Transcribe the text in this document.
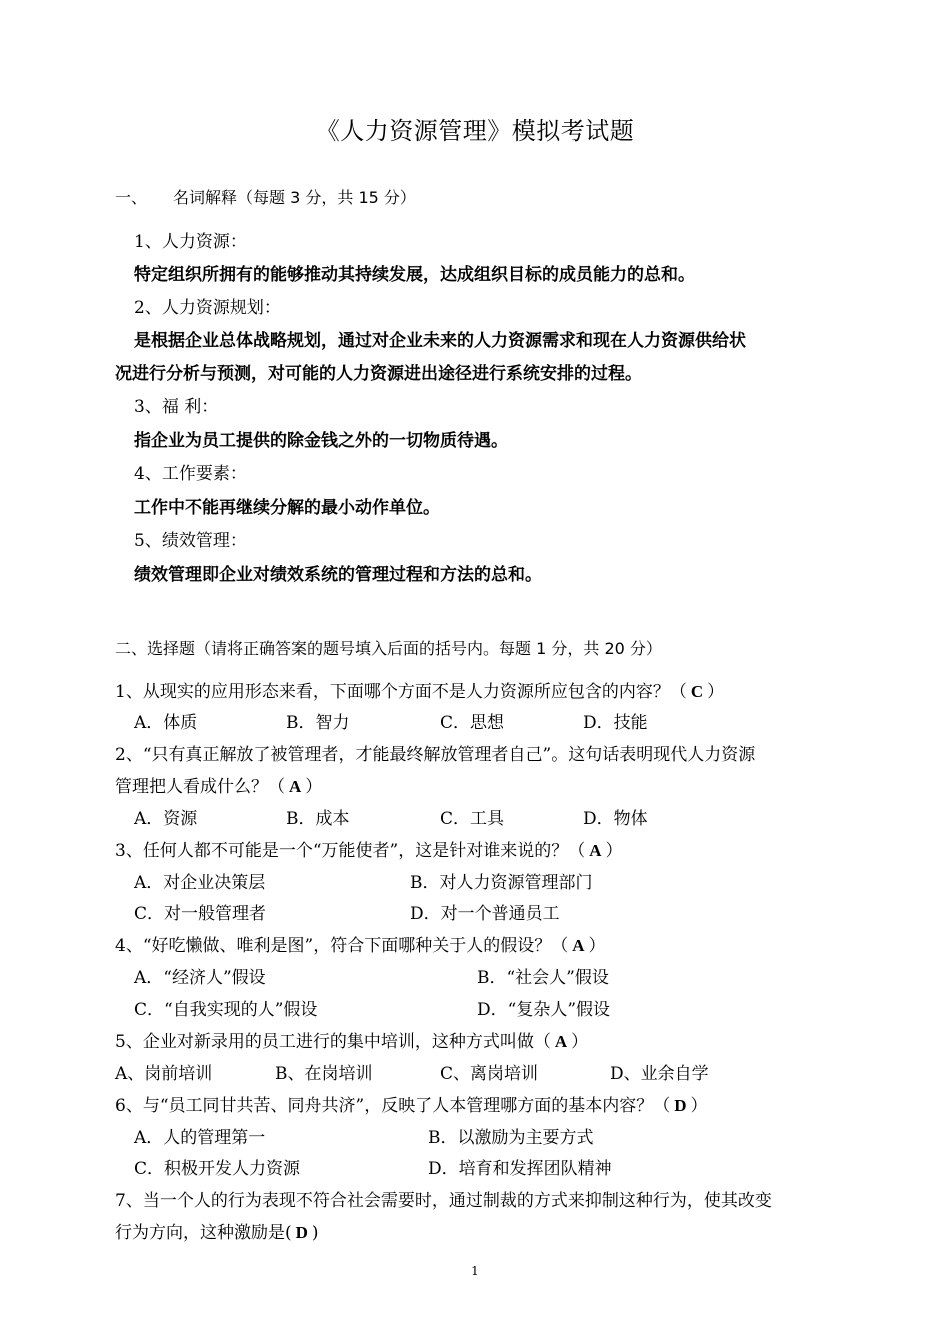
《人力资源管理》模拟考试题
一、 名词解释（每题 3 分，共 15 分）
1、人力资源：
特定组织所拥有的能够推动其持续发展，达成组织目标的成员能力的总和。
2、人力资源规划：
是根据企业总体战略规划，通过对企业未来的人力资源需求和现在人力资源供给状
况进行分析与预测，对可能的人力资源进出途径进行系统安排的过程。
3、福 利：
指企业为员工提供的除金钱之外的一切物质待遇。
4、工作要素：
工作中不能再继续分解的最小动作单位。
5、绩效管理：
绩效管理即企业对绩效系统的管理过程和方法的总和。
二、选择题（请将正确答案的题号填入后面的括号内。每题 1 分，共 20 分）
1、从现实的应用形态来看，下面哪个方面不是人力资源所应包含的内容？（ C ）
A．体质	B．智力	C．思想	D．技能
2、“只有真正解放了被管理者，才能最终解放管理者自己”。这句话表明现代人力资源
管理把人看成什么？（ A ）
A．资源	B．成本	C．工具	D．物体
3、任何人都不可能是一个“万能使者”，这是针对谁来说的？（ A ）
A．对企业决策层	B．对人力资源管理部门
C．对一般管理者	D．对一个普通员工
4、“好吃懒做、唯利是图”，符合下面哪种关于人的假设？（ A ）
A．“经济人”假设	B．“社会人”假设
C．“自我实现的人”假设	D．“复杂人”假设
5、企业对新录用的员工进行的集中培训，这种方式叫做（ A ）
A、岗前培训	B、在岗培训	C、离岗培训	D、业余自学
6、与“员工同甘共苦、同舟共济”，反映了人本管理哪方面的基本内容？（ D ）
A．人的管理第一	B．以激励为主要方式
C．积极开发人力资源	D．培育和发挥团队精神
7、当一个人的行为表现不符合社会需要时，通过制裁的方式来抑制这种行为，使其改变
行为方向，这种激励是( D )
1
